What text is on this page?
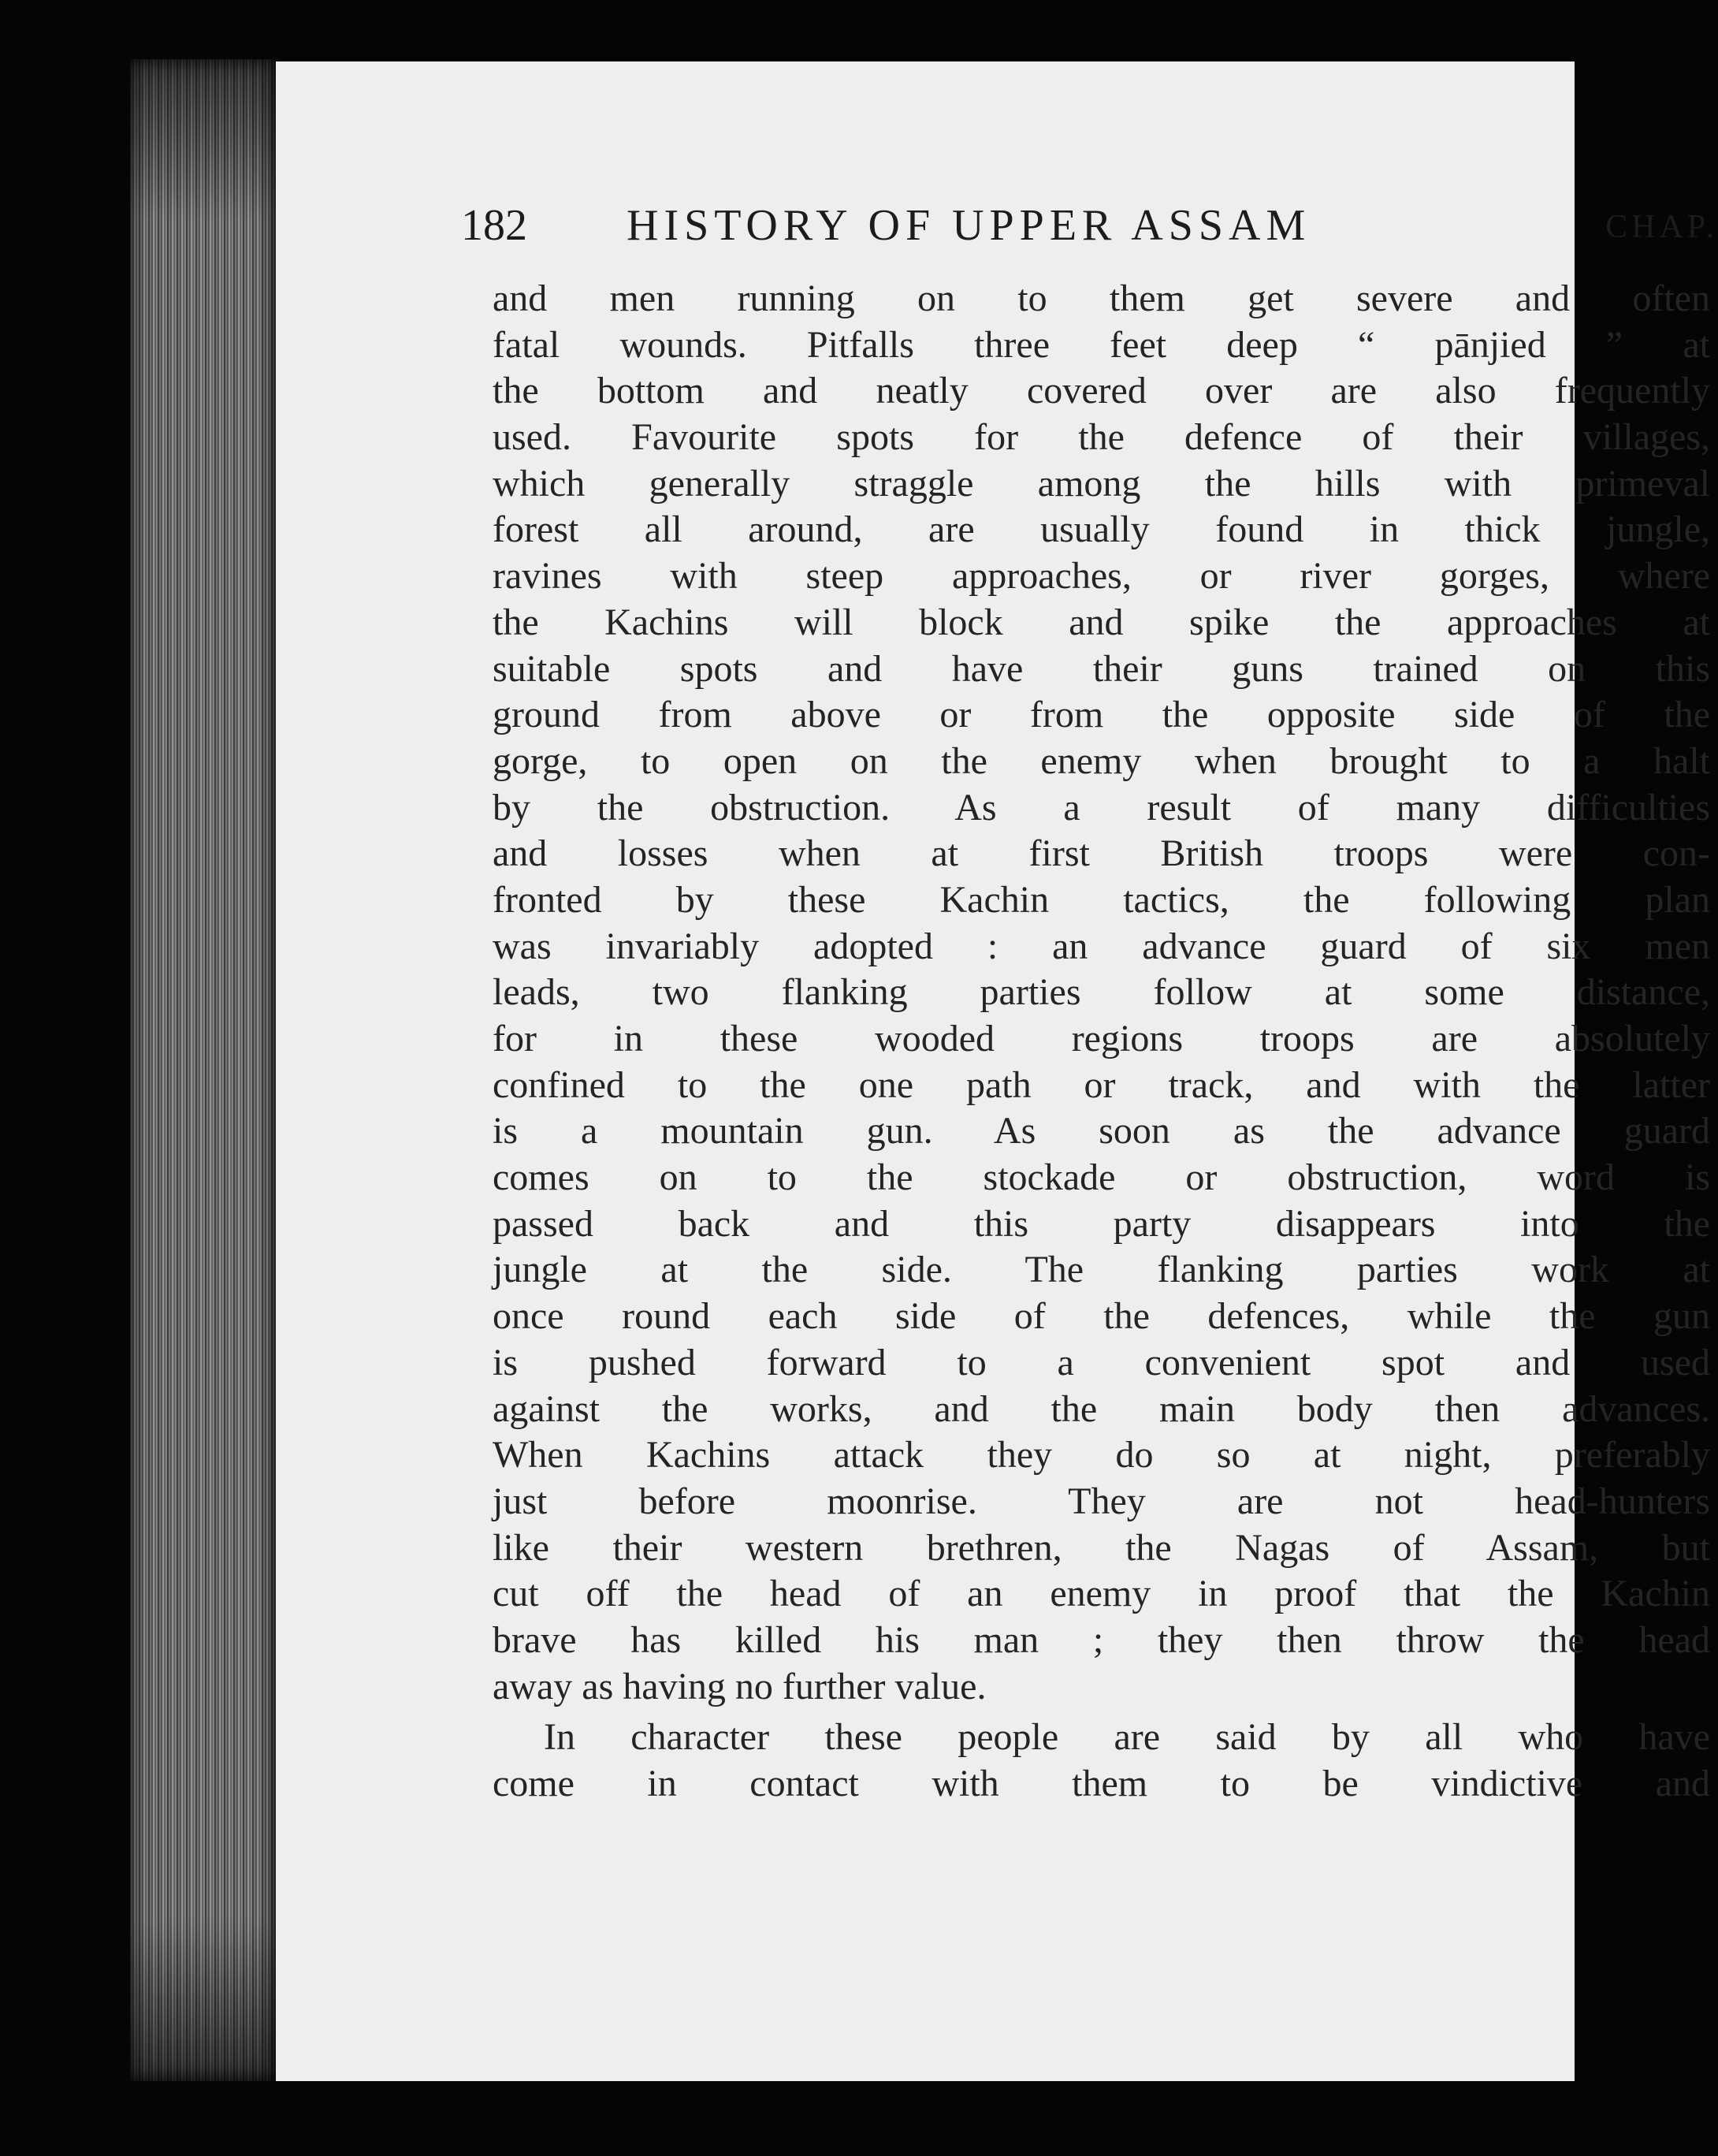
182 HISTORY OF UPPER ASSAM	CHAP.
and men running on to them get severe and often
fatal wounds. Pitfalls three feet deep “ pānjied ” at
the bottom and neatly covered over are also frequently
used. Favourite spots for the defence of their villages,
which generally straggle among the hills with primeval
forest all around, are usually found in thick jungle,
ravines with steep approaches, or river gorges, where
the Kachins will block and spike the approaches at
suitable spots and have their guns trained on this
ground from above or from the opposite side of the
gorge, to open on the enemy when brought to a halt
by the obstruction. As a result of many difficulties
and losses when at first British troops were con-
fronted by these Kachin tactics, the following plan
was invariably adopted : an advance guard of six men
leads, two flanking parties follow at some distance,
for in these wooded regions troops are absolutely
confined to the one path or track, and with the latter
is a mountain gun. As soon as the advance guard
comes on to the stockade or obstruction, word is
passed back and this party disappears into the
jungle at the side. The flanking parties work at
once round each side of the defences, while the gun
is pushed forward to a convenient spot and used
against the works, and the main body then advances.
When Kachins attack they do so at night, preferably
just before moonrise. They are not head-hunters
like their western brethren, the Nagas of Assam, but
cut off the head of an enemy in proof that the Kachin
brave has killed his man ; they then throw the head
away as having no further value.
In character these people are said by all who have
come in contact with them to be vindictive and
